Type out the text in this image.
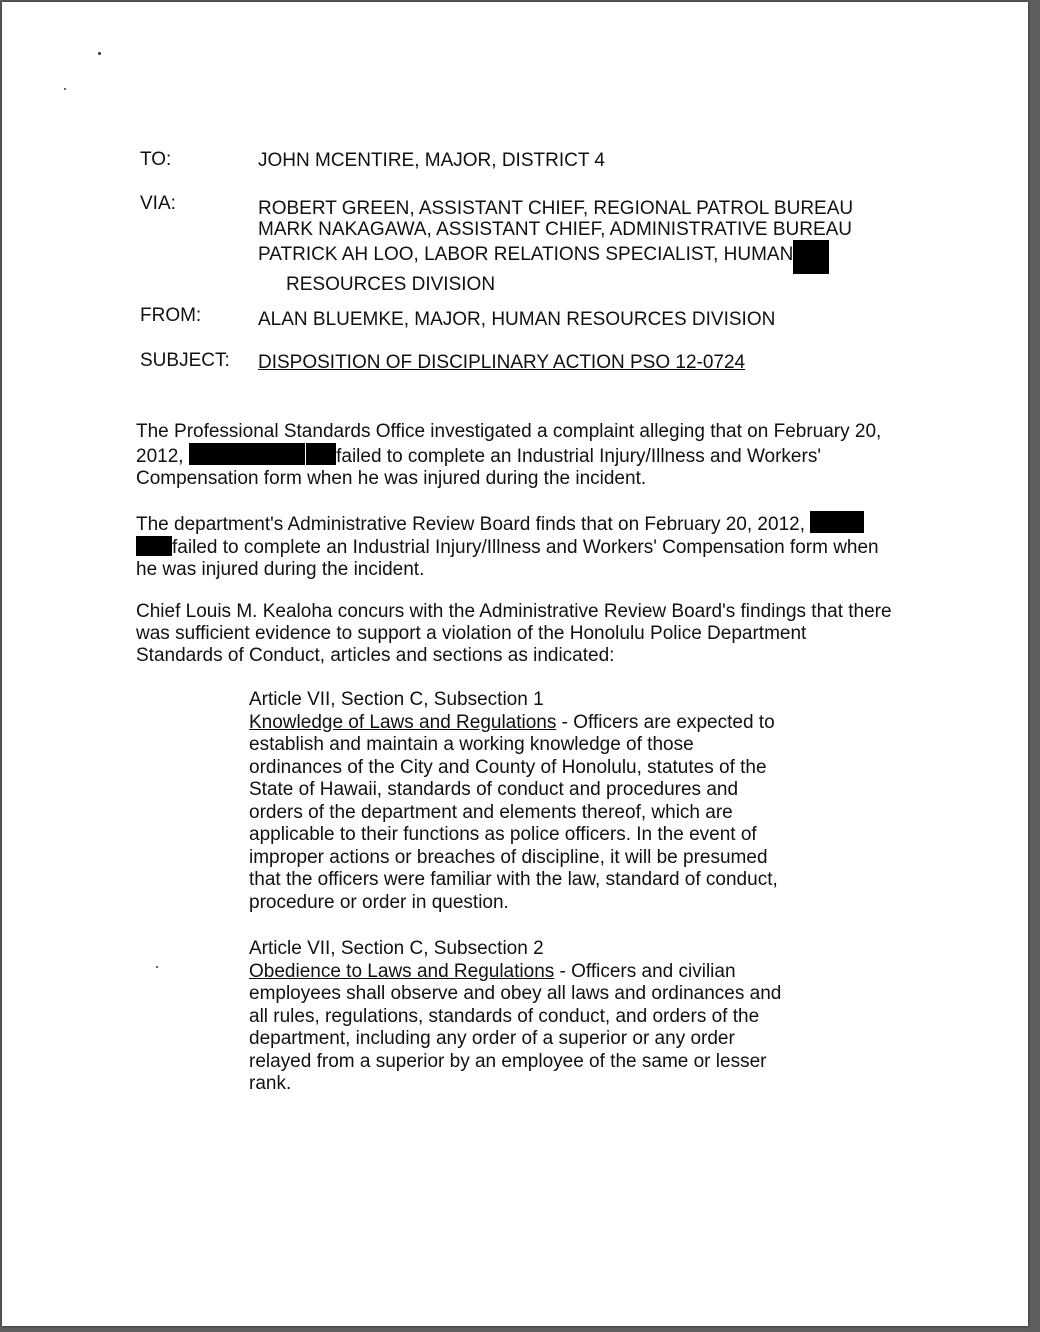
TO:	JOHN MCENTIRE, MAJOR, DISTRICT 4
VIA:	ROBERT GREEN, ASSISTANT CHIEF, REGIONAL PATROL BUREAU
MARK NAKAGAWA, ASSISTANT CHIEF, ADMINISTRATIVE BUREAU
PATRICK AH LOO, LABOR RELATIONS SPECIALIST, HUMAN
RESOURCES DIVISION
FROM:	ALAN BLUEMKE, MAJOR, HUMAN RESOURCES DIVISION
SUBJECT: DISPOSITION OF DISCIPLINARY ACTION PSO 12-0724
The Professional Standards Office investigated a complaint alleging that on February 20, 2012,	failed to complete an Industrial Injury/Illness and Workers' Compensation form when he was injured during the incident.
The department's Administrative Review Board finds that on February 20, 2012,  failed to complete an Industrial Injury/Illness and Workers' Compensation form when he was injured during the incident.
Chief Louis M. Kealoha concurs with the Administrative Review Board's findings that there was sufficient evidence to support a violation of the Honolulu Police Department Standards of Conduct, articles and sections as indicated:
Article VII, Section C, Subsection 1
Knowledge of Laws and Regulations - Officers are expected to establish and maintain a working knowledge of those ordinances of the City and County of Honolulu, statutes of the State of Hawaii, standards of conduct and procedures and orders of the department and elements thereof, which are applicable to their functions as police officers. In the event of improper actions or breaches of discipline, it will be presumed that the officers were familiar with the law, standard of conduct, procedure or order in question.
Article VII, Section C, Subsection 2
Obedience to Laws and Regulations - Officers and civilian employees shall observe and obey all laws and ordinances and all rules, regulations, standards of conduct, and orders of the department, including any order of a superior or any order relayed from a superior by an employee of the same or lesser rank.
